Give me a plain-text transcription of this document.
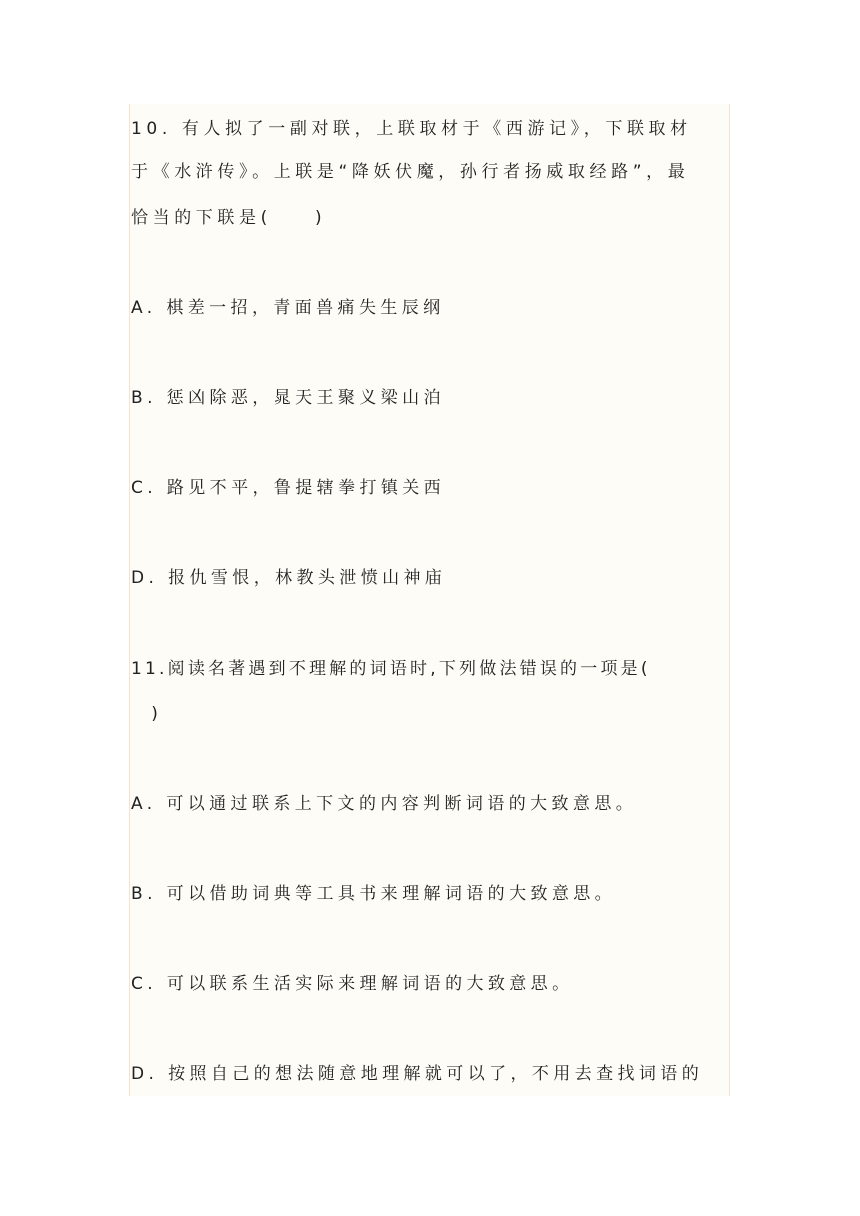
10. 有人拟了一副对联，上联取材于《西游记》，下联取材
于《水浒传》。上联是“降妖伏魔，孙行者扬威取经路”，最
恰当的下联是(　　)
A. 棋差一招，青面兽痛失生辰纲
B. 惩凶除恶，晁天王聚义梁山泊
C. 路见不平，鲁提辖拳打镇关西
D. 报仇雪恨，林教头泄愤山神庙
11.阅读名著遇到不理解的词语时,下列做法错误的一项是(
　)
A. 可以通过联系上下文的内容判断词语的大致意思。
B. 可以借助词典等工具书来理解词语的大致意思。
C. 可以联系生活实际来理解词语的大致意思。
D. 按照自己的想法随意地理解就可以了，不用去查找词语的
